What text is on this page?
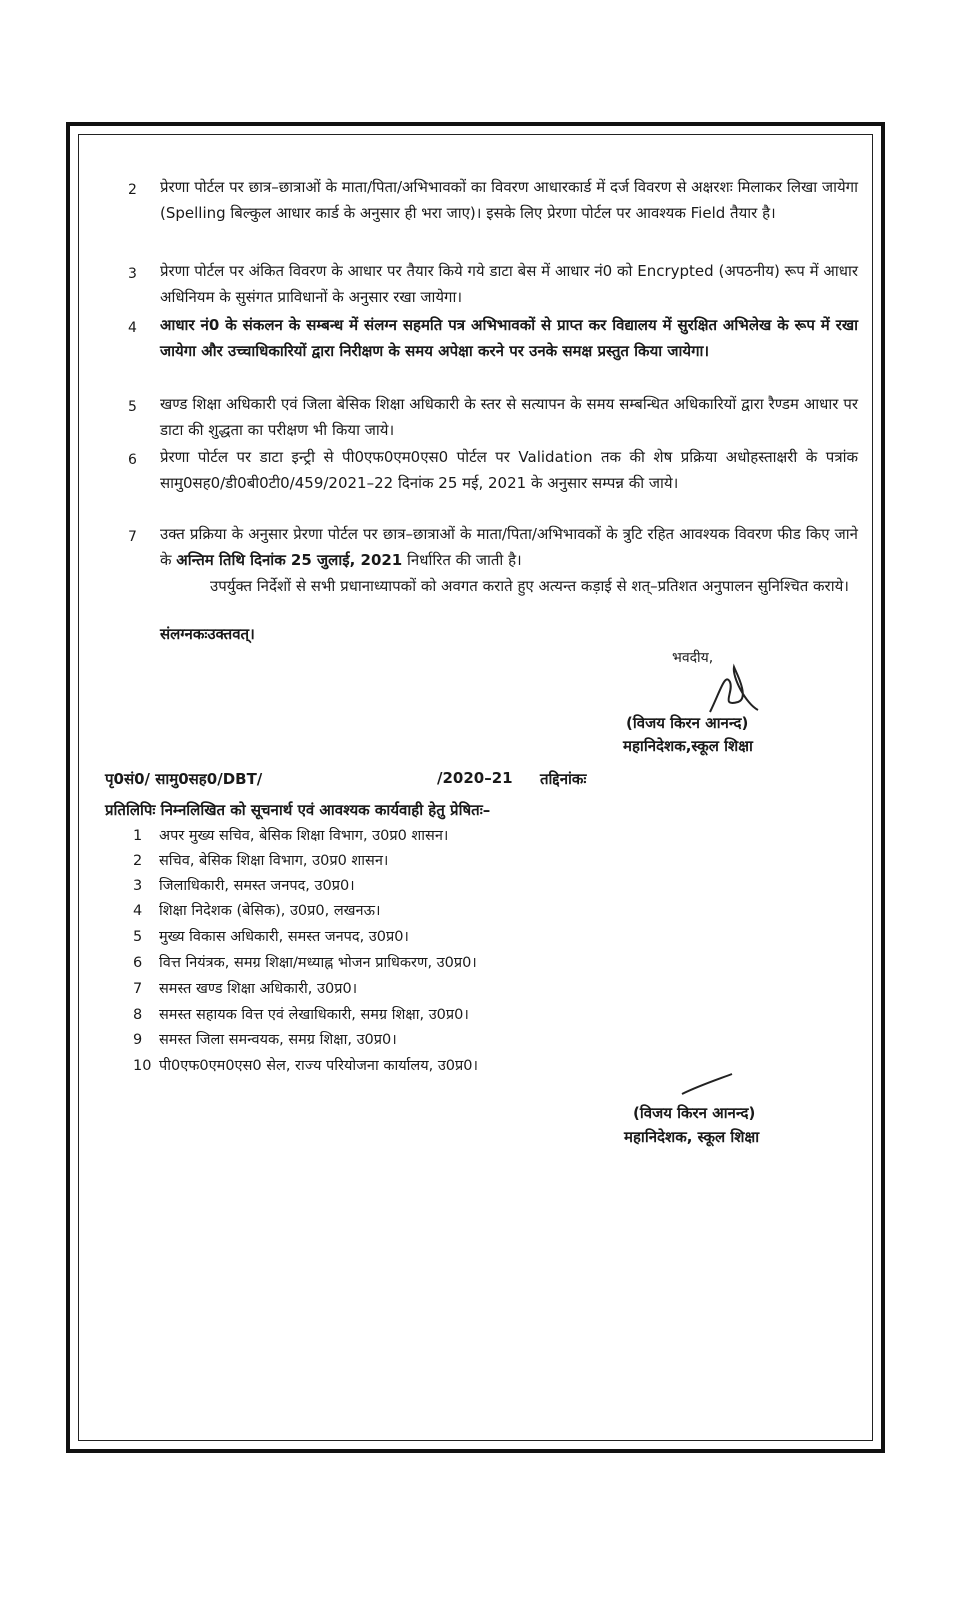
2 प्रेरणा पोर्टल पर छात्र–छात्राओं के माता/पिता/अभिभावकों का विवरण आधारकार्ड में दर्ज विवरण से अक्षरशः मिलाकर लिखा जायेगा (Spelling बिल्कुल आधार कार्ड के अनुसार ही भरा जाए)। इसके लिए प्रेरणा पोर्टल पर आवश्यक Field तैयार है।
3 प्रेरणा पोर्टल पर अंकित विवरण के आधार पर तैयार किये गये डाटा बेस में आधार नं0 को Encrypted (अपठनीय) रूप में आधार अधिनियम के सुसंगत प्राविधानों के अनुसार रखा जायेगा।
4 आधार नं0 के संकलन के सम्बन्ध में संलग्न सहमति पत्र अभिभावकों से प्राप्त कर विद्यालय में सुरक्षित अभिलेख के रूप में रखा जायेगा और उच्चाधिकारियों द्वारा निरीक्षण के समय अपेक्षा करने पर उनके समक्ष प्रस्तुत किया जायेगा।
5 खण्ड शिक्षा अधिकारी एवं जिला बेसिक शिक्षा अधिकारी के स्तर से सत्यापन के समय सम्बन्धित अधिकारियों द्वारा रैण्डम आधार पर डाटा की शुद्धता का परीक्षण भी किया जाये।
6 प्रेरणा पोर्टल पर डाटा इन्ट्री से पी0एफ0एम0एस0 पोर्टल पर Validation तक की शेष प्रक्रिया अधोहस्ताक्षरी के पत्रांक सामु0सह0/डी0बी0टी0/459/2021–22 दिनांक 25 मई, 2021 के अनुसार सम्पन्न की जाये।
7 उक्त प्रक्रिया के अनुसार प्रेरणा पोर्टल पर छात्र–छात्राओं के माता/पिता/अभिभावकों के त्रुटि रहित आवश्यक विवरण फीड किए जाने के अन्तिम तिथि दिनांक 25 जुलाई, 2021 निर्धारित की जाती है।
उपर्युक्त निर्देशों से सभी प्रधानाध्यापकों को अवगत कराते हुए अत्यन्त कड़ाई से शत्–प्रतिशत अनुपालन सुनिश्चित कराये।
संलग्नकःउक्तवत्।
भवदीय,
(विजय किरन आनन्द)
महानिदेशक,स्कूल शिक्षा
पृ0सं0/ सामु0सह0/DBT/	/2020–21 तद्दिनांकः
प्रतिलिपिः निम्नलिखित को सूचनार्थ एवं आवश्यक कार्यवाही हेतु प्रेषितः–
1 अपर मुख्य सचिव, बेसिक शिक्षा विभाग, उ0प्र0 शासन।
2 सचिव, बेसिक शिक्षा विभाग, उ0प्र0 शासन।
3 जिलाधिकारी, समस्त जनपद, उ0प्र0।
4 शिक्षा निदेशक (बेसिक), उ0प्र0, लखनऊ।
5 मुख्य विकास अधिकारी, समस्त जनपद, उ0प्र0।
6 वित्त नियंत्रक, समग्र शिक्षा/मध्याह्न भोजन प्राधिकरण, उ0प्र0।
7 समस्त खण्ड शिक्षा अधिकारी, उ0प्र0।
8 समस्त सहायक वित्त एवं लेखाधिकारी, समग्र शिक्षा, उ0प्र0।
9 समस्त जिला समन्वयक, समग्र शिक्षा, उ0प्र0।
10 पी0एफ0एम0एस0 सेल, राज्य परियोजना कार्यालय, उ0प्र0।
(विजय किरन आनन्द)
महानिदेशक, स्कूल शिक्षा
